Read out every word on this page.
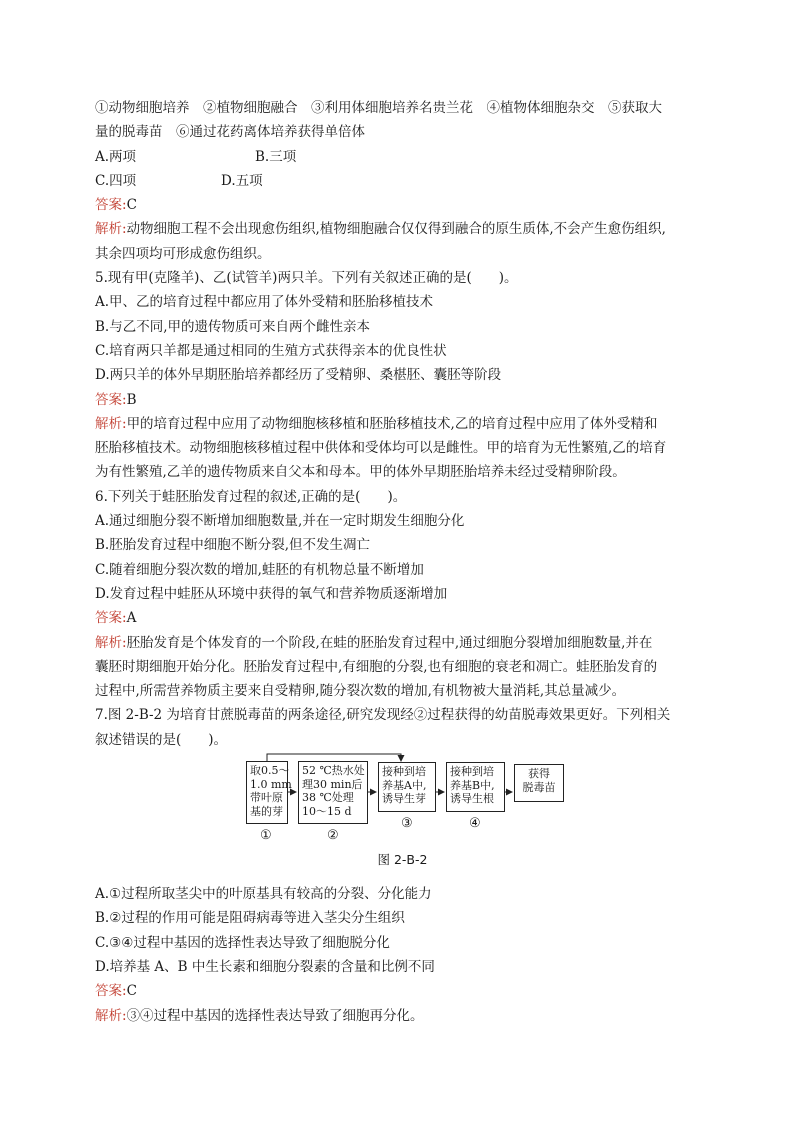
①动物细胞培养　②植物细胞融合　③利用体细胞培养名贵兰花　④植物体细胞杂交　⑤获取大
量的脱毒苗　⑥通过花药离体培养获得单倍体
A.两项	B.三项
C.四项	D.五项
答案:C
解析:动物细胞工程不会出现愈伤组织,植物细胞融合仅仅得到融合的原生质体,不会产生愈伤组织,
其余四项均可形成愈伤组织。
5.现有甲(克隆羊)、乙(试管羊)两只羊。下列有关叙述正确的是(　　)。
A.甲、乙的培育过程中都应用了体外受精和胚胎移植技术
B.与乙不同,甲的遗传物质可来自两个雌性亲本
C.培育两只羊都是通过相同的生殖方式获得亲本的优良性状
D.两只羊的体外早期胚胎培养都经历了受精卵、桑椹胚、囊胚等阶段
答案:B
解析:甲的培育过程中应用了动物细胞核移植和胚胎移植技术,乙的培育过程中应用了体外受精和
胚胎移植技术。动物细胞核移植过程中供体和受体均可以是雌性。甲的培育为无性繁殖,乙的培育
为有性繁殖,乙羊的遗传物质来自父本和母本。甲的体外早期胚胎培养未经过受精卵阶段。
6.下列关于蛙胚胎发育过程的叙述,正确的是(　　)。
A.通过细胞分裂不断增加细胞数量,并在一定时期发生细胞分化
B.胚胎发育过程中细胞不断分裂,但不发生凋亡
C.随着细胞分裂次数的增加,蛙胚的有机物总量不断增加
D.发育过程中蛙胚从环境中获得的氧气和营养物质逐渐增加
答案:A
解析:胚胎发育是个体发育的一个阶段,在蛙的胚胎发育过程中,通过细胞分裂增加细胞数量,并在
囊胚时期细胞开始分化。胚胎发育过程中,有细胞的分裂,也有细胞的衰老和凋亡。蛙胚胎发育的
过程中,所需营养物质主要来自受精卵,随分裂次数的增加,有机物被大量消耗,其总量减少。
7.图 2-B-2 为培育甘蔗脱毒苗的两条途径,研究发现经②过程获得的幼苗脱毒效果更好。下列相关
叙述错误的是(　　)。
取0.5～
1.0 mm
带叶原
基的芽
52 ℃热水处
理30 min后
38 ℃处理
10～15 d
接种到培
养基A中,
诱导生芽
接种到培
养基B中,
诱导生根
获得
脱毒苗
①	②
③	④
图 2-B-2
A.①过程所取茎尖中的叶原基具有较高的分裂、分化能力
B.②过程的作用可能是阻碍病毒等进入茎尖分生组织
C.③④过程中基因的选择性表达导致了细胞脱分化
D.培养基 A、B 中生长素和细胞分裂素的含量和比例不同
答案:C
解析:③④过程中基因的选择性表达导致了细胞再分化。
